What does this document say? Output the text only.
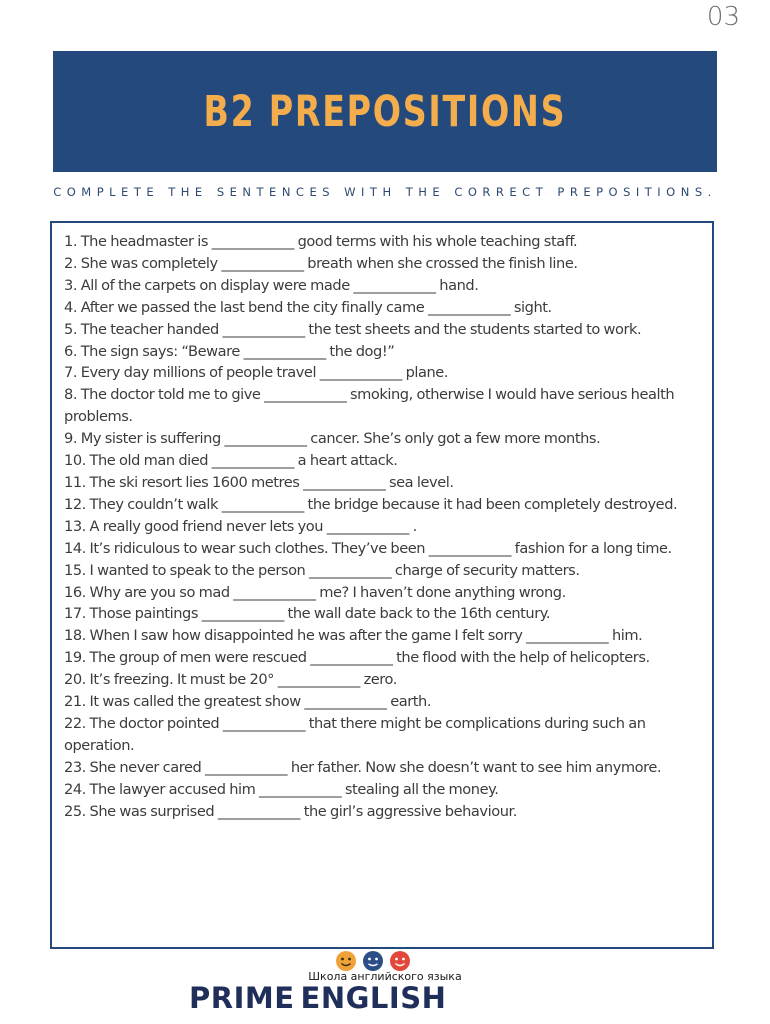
03
B2 PREPOSITIONS
COMPLETE THE SENTENCES WITH THE CORRECT PREPOSITIONS.
1. The headmaster is ____________ good terms with his whole teaching staff.
2. She was completely ____________ breath when she crossed the finish line.
3. All of the carpets on display were made ____________ hand.
4. After we passed the last bend the city finally came ____________ sight.
5. The teacher handed ____________ the test sheets and the students started to work.
6. The sign says: “Beware ____________ the dog!”
7. Every day millions of people travel ____________ plane.
8. The doctor told me to give ____________ smoking, otherwise I would have serious health problems.
9. My sister is suffering ____________ cancer. She’s only got a few more months.
10. The old man died ____________ a heart attack.
11. The ski resort lies 1600 metres ____________ sea level.
12. They couldn’t walk ____________ the bridge because it had been completely destroyed.
13. A really good friend never lets you ____________ .
14. It’s ridiculous to wear such clothes. They’ve been ____________ fashion for a long time.
15. I wanted to speak to the person ____________ charge of security matters.
16. Why are you so mad ____________ me? I haven’t done anything wrong.
17. Those paintings ____________ the wall date back to the 16th century.
18. When I saw how disappointed he was after the game I felt sorry ____________ him.
19. The group of men were rescued ____________ the flood with the help of helicopters.
20. It’s freezing. It must be 20° ____________ zero.
21. It was called the greatest show ____________ earth.
22. The doctor pointed ____________ that there might be complications during such an operation.
23. She never cared ____________ her father. Now she doesn’t want to see him anymore.
24. The lawyer accused him ____________ stealing all the money.
25. She was surprised ____________ the girl’s aggressive behaviour.
Школа английского языка
PRIME ENGLISH
